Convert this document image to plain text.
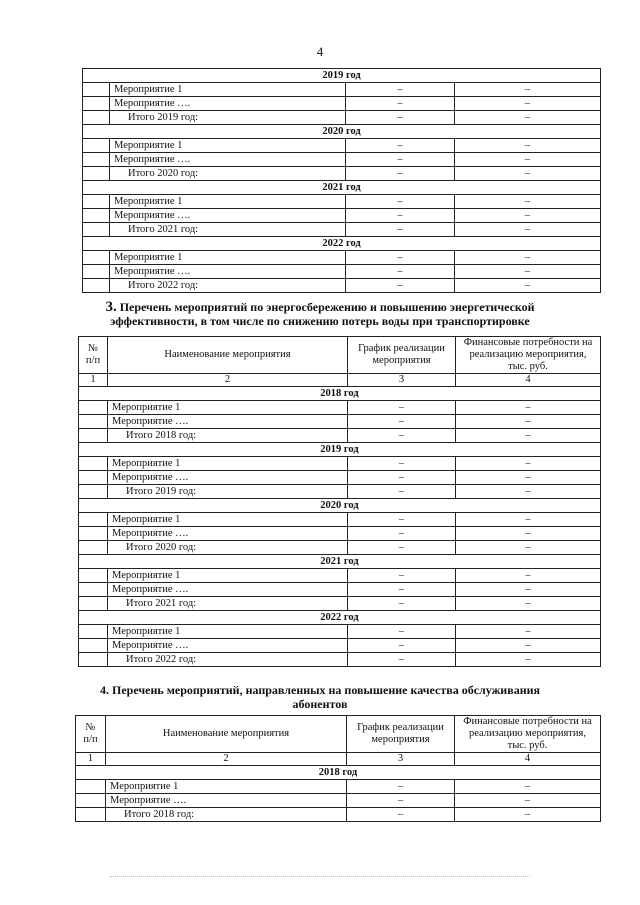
4
2019 год			
	Мероприятие 1	–	–
	Мероприятие ….	–	–
	Итого 2019 год:	–	–
2020 год			
	Мероприятие 1	–	–
	Мероприятие ….	–	–
	Итого 2020 год:	–	–
2021 год			
	Мероприятие 1	–	–
	Мероприятие ….	–	–
	Итого 2021 год:	–	–
2022 год			
	Мероприятие 1	–	–
	Мероприятие ….	–	–
	Итого 2022 год:	–	–
3. Перечень мероприятий по энергосбережению и повышению энергетической
эффективности, в том числе по снижению потерь воды при транспортировке
№ п/п	Наименование мероприятия	График реализации мероприятия	Финансовые потребности на реализацию мероприятия, тыс. руб.
1	2	3	4
2018 год			
	Мероприятие 1	–	–
	Мероприятие ….	–	–
	Итого 2018 год:	–	–
2019 год			
	Мероприятие 1	–	–
	Мероприятие ….	–	–
	Итого 2019 год:	–	–
2020 год			
	Мероприятие 1	–	–
	Мероприятие ….	–	–
	Итого 2020 год:	–	–
2021 год			
	Мероприятие 1	–	–
	Мероприятие ….	–	–
	Итого 2021 год:	–	–
2022 год			
	Мероприятие 1	–	–
	Мероприятие ….	–	–
	Итого 2022 год:	–	–
4. Перечень мероприятий, направленных на повышение качества обслуживания
абонентов
№ п/п	Наименование мероприятия	График реализации мероприятия	Финансовые потребности на реализацию мероприятия, тыс. руб.
1	2	3	4
2018 год			
	Мероприятие 1	–	–
	Мероприятие ….	–	–
	Итого 2018 год:	–	–
